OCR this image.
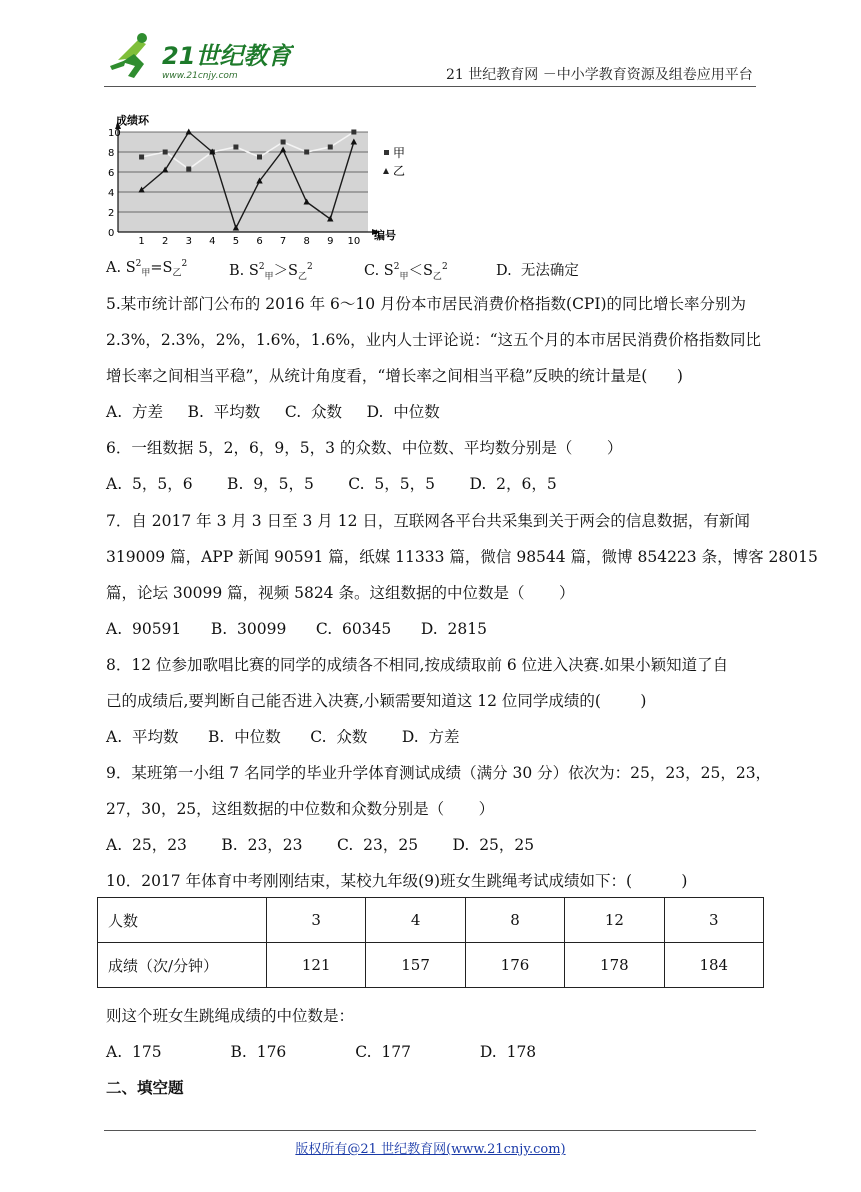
21世纪教育
www.21cnjy.com	21 世纪教育网 －中小学教育资源及组卷应用平台
0
2
4
6
8
10
1 2 3 4 5 6 7 8 9 10
成绩环
编号
甲
乙
A. $S^2_甲=S_乙^2$	B. $S^2_甲>S_乙^2$	C. $S^2_甲<S_乙^2$	D.  无法确定
5.某市统计部门公布的 2016 年 6～10 月份本市居民消费价格指数(CPI)的同比增长率分别为
2.3%，2.3%，2%，1.6%，1.6%，业内人士评论说：“这五个月的本市居民消费价格指数同比
增长率之间相当平稳”，从统计角度看，“增长率之间相当平稳”反映的统计量是(      )
A.  方差     B.  平均数     C.  众数     D.  中位数
6．一组数据 5，2，6，9，5，3 的众数、中位数、平均数分别是（       ）
A.  5，5，6       B.  9，5，5       C.  5，5，5       D.  2，6，5
7．自 2017 年 3 月 3 日至 3 月 12 日，互联网各平台共采集到关于两会的信息数据，有新闻
319009 篇，APP 新闻 90591 篇，纸媒 11333 篇，微信 98544 篇，微博 854223 条，博客 28015
篇，论坛 30099 篇，视频 5824 条。这组数据的中位数是（       ）
A.  90591      B.  30099      C.  60345      D.  2815
8．12 位参加歌唱比赛的同学的成绩各不相同,按成绩取前 6 位进入决赛.如果小颖知道了自
己的成绩后,要判断自己能否进入决赛,小颖需要知道这 12 位同学成绩的(        )
A.  平均数      B.  中位数      C.  众数       D.  方差
9．某班第一小组 7 名同学的毕业升学体育测试成绩（满分 30 分）依次为：25，23，25，23，
27，30，25，这组数据的中位数和众数分别是（       ）
A.  25，23       B.  23，23       C.  23，25       D.  25，25
10．2017 年体育中考刚刚结束，某校九年级(9)班女生跳绳考试成绩如下：(          )
人数	3	4	8	12	3
成绩（次/分钟）	121	157	176	178	184
则这个班女生跳绳成绩的中位数是：
A.  175              B.  176              C.  177              D.  178
二、填空题
版权所有@21 世纪教育网(www.21cnjy.com)
